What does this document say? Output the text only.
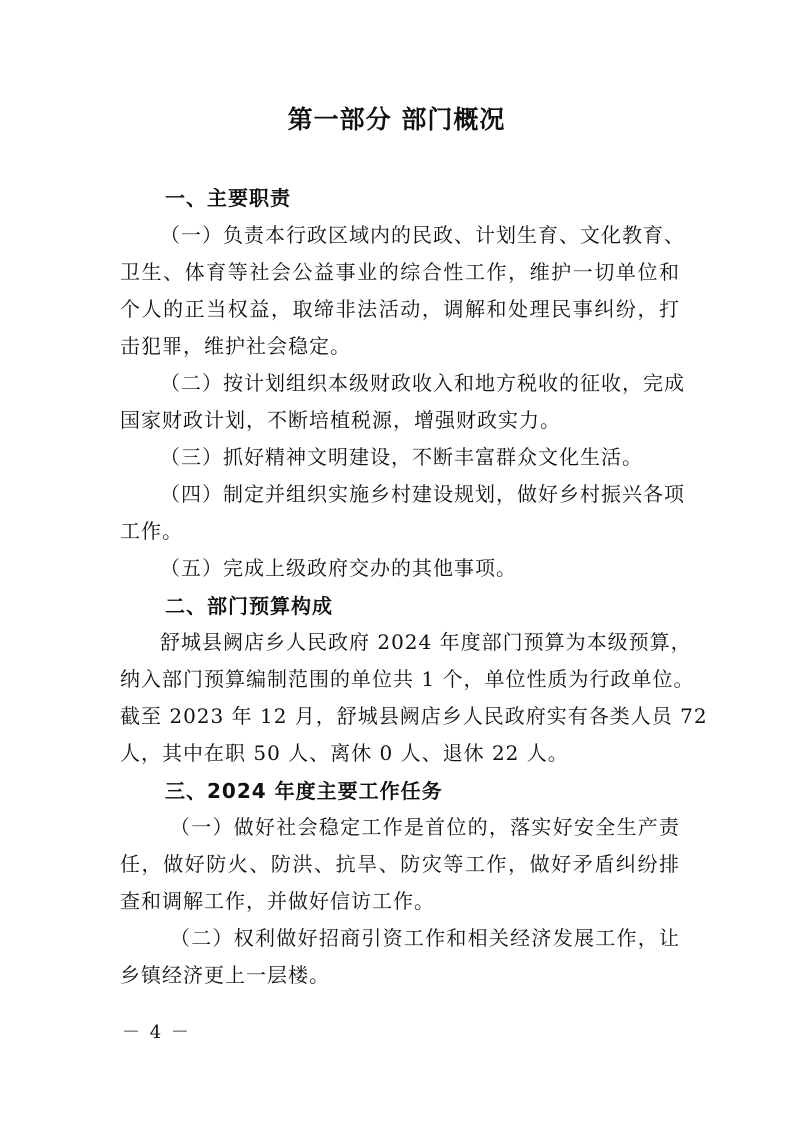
第一部分 部门概况
一、主要职责
（一）负责本行政区域内的民政、计划生育、文化教育、
卫生、体育等社会公益事业的综合性工作，维护一切单位和
个人的正当权益，取缔非法活动，调解和处理民事纠纷，打
击犯罪，维护社会稳定。
（二）按计划组织本级财政收入和地方税收的征收，完成
国家财政计划，不断培植税源，增强财政实力。
（三）抓好精神文明建设，不断丰富群众文化生活。
（四）制定并组织实施乡村建设规划，做好乡村振兴各项
工作。
（五）完成上级政府交办的其他事项。
二、部门预算构成
舒城县阙店乡人民政府 2024 年度部门预算为本级预算，
纳入部门预算编制范围的单位共 1 个，单位性质为行政单位。
截至 2023 年 12 月，舒城县阙店乡人民政府实有各类人员 72
人，其中在职 50 人、离休 0 人、退休 22 人。
三、2024 年度主要工作任务
（一）做好社会稳定工作是首位的，落实好安全生产责
任，做好防火、防洪、抗旱、防灾等工作，做好矛盾纠纷排
查和调解工作，并做好信访工作。
（二）权利做好招商引资工作和相关经济发展工作，让
乡镇经济更上一层楼。
－ 4 －
